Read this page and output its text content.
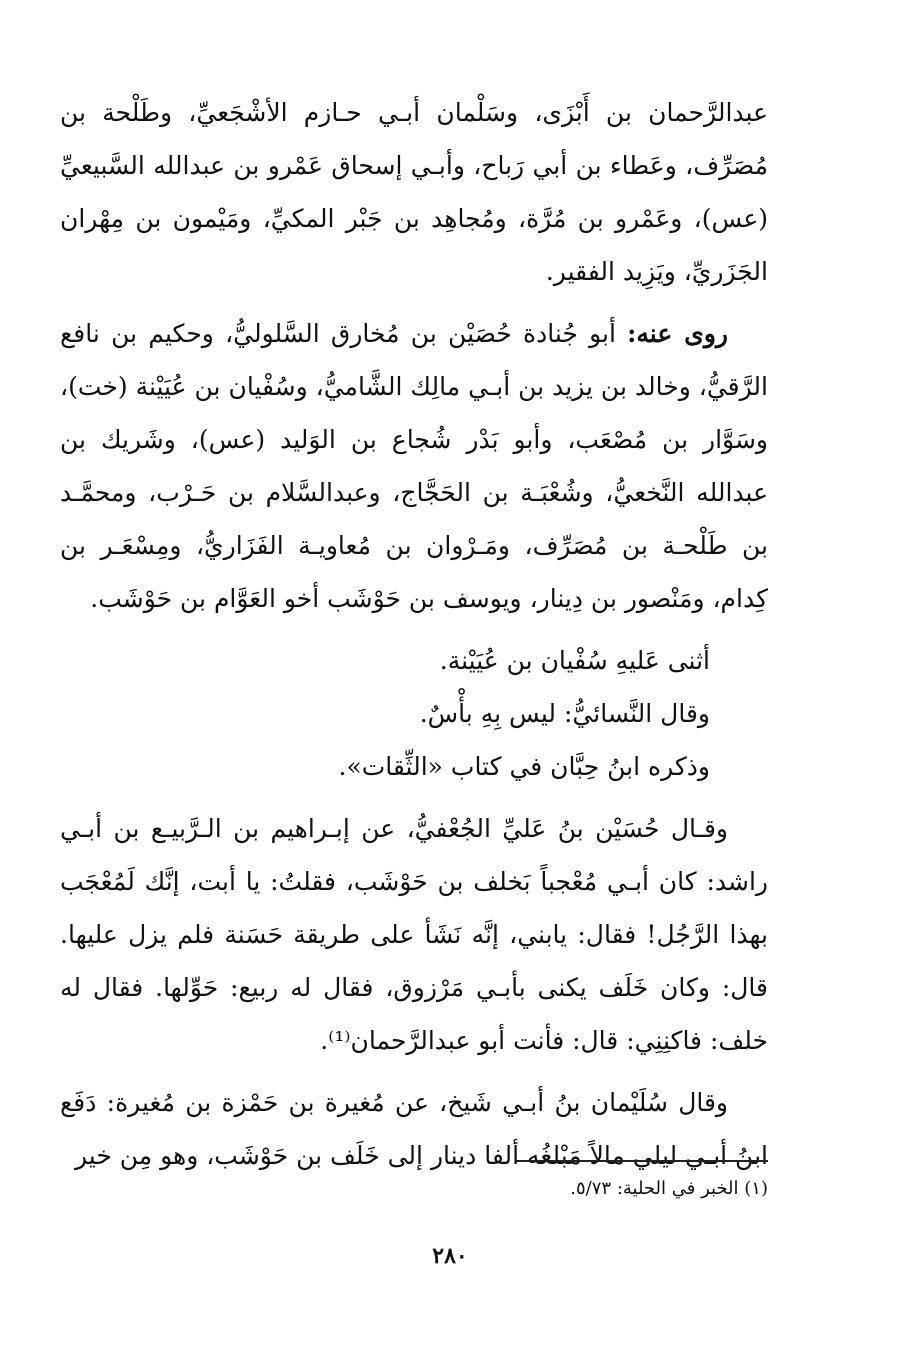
عبدالرَّحمان بن أَبْزَى، وسَلْمان أبـي حـازم الأشْجَعيِّ، وطَلْحة بن مُصَرِّف، وعَطاء بن أبي رَباح، وأبـي إسحاق عَمْرو بن عبدالله السَّبيعيِّ (عس)، وعَمْرو بن مُرَّة، ومُجاهِد بن جَبْر المكيِّ، ومَيْمون بن مِهْران الجَزَريِّ، ويَزِيد الفقير.

روى عنه: أبو جُنادة حُصَيْن بن مُخارق السَّلوليُّ، وحكيم بن نافع الرَّقيُّ، وخالد بن يزيد بن أبـي مالِك الشَّاميُّ، وسُفْيان بن عُيَيْنة (خت)، وسَوَّار بن مُصْعَب، وأبو بَدْر شُجاع بن الوَليد (عس)، وشَريك بن عبدالله النَّخعيُّ، وشُعْبَـة بن الحَجَّاج، وعبدالسَّلام بن حَـرْب، ومحمَّـد بن طَلْحـة بن مُصَرِّف، ومَـرْوان بن مُعاويـة الفَزَاريُّ، ومِسْعَـر بن كِدام، ومَنْصور بن دِينار، ويوسف بن حَوْشَب أخو العَوَّام بن حَوْشَب.

أثنى عَليهِ سُفْيان بن عُيَيْنة.

وقال النَّسائيُّ: ليس بِهِ بأْسٌ.

وذكره ابنُ حِبَّان في كتاب «الثِّقات».

وقـال حُسَيْن بنُ عَليِّ الجُعْفيُّ، عن إبـراهيم بن الـرَّبيـع بن أبـي راشد: كان أبـي مُعْجباً بَخلف بن حَوْشَب، فقلتُ: يا أبت، إنَّك لَمُعْجَب بهذا الرَّجُل! فقال: يابني، إنَّه نَشَأ على طريقة حَسَنة فلم يزل عليها. قال: وكان خَلَف يكنى بأبـي مَرْزوق، فقال له ربيع: حَوِّلها. فقال له خلف: فاكنِنِي: قال: فأنت أبو عبدالرَّحمان⁽¹⁾.

وقال سُلَيْمان بنُ أبـي شَيخ، عن مُغيرة بن حَمْزة بن مُغيرة: دَفَع ابنُ أبـي ليلي مالاً مَبْلغُه ألفا دينار إلى خَلَف بن حَوْشَب، وهو مِن خير

(١) الخبر في الحلية: ٥/٧٣.
٢٨٠
